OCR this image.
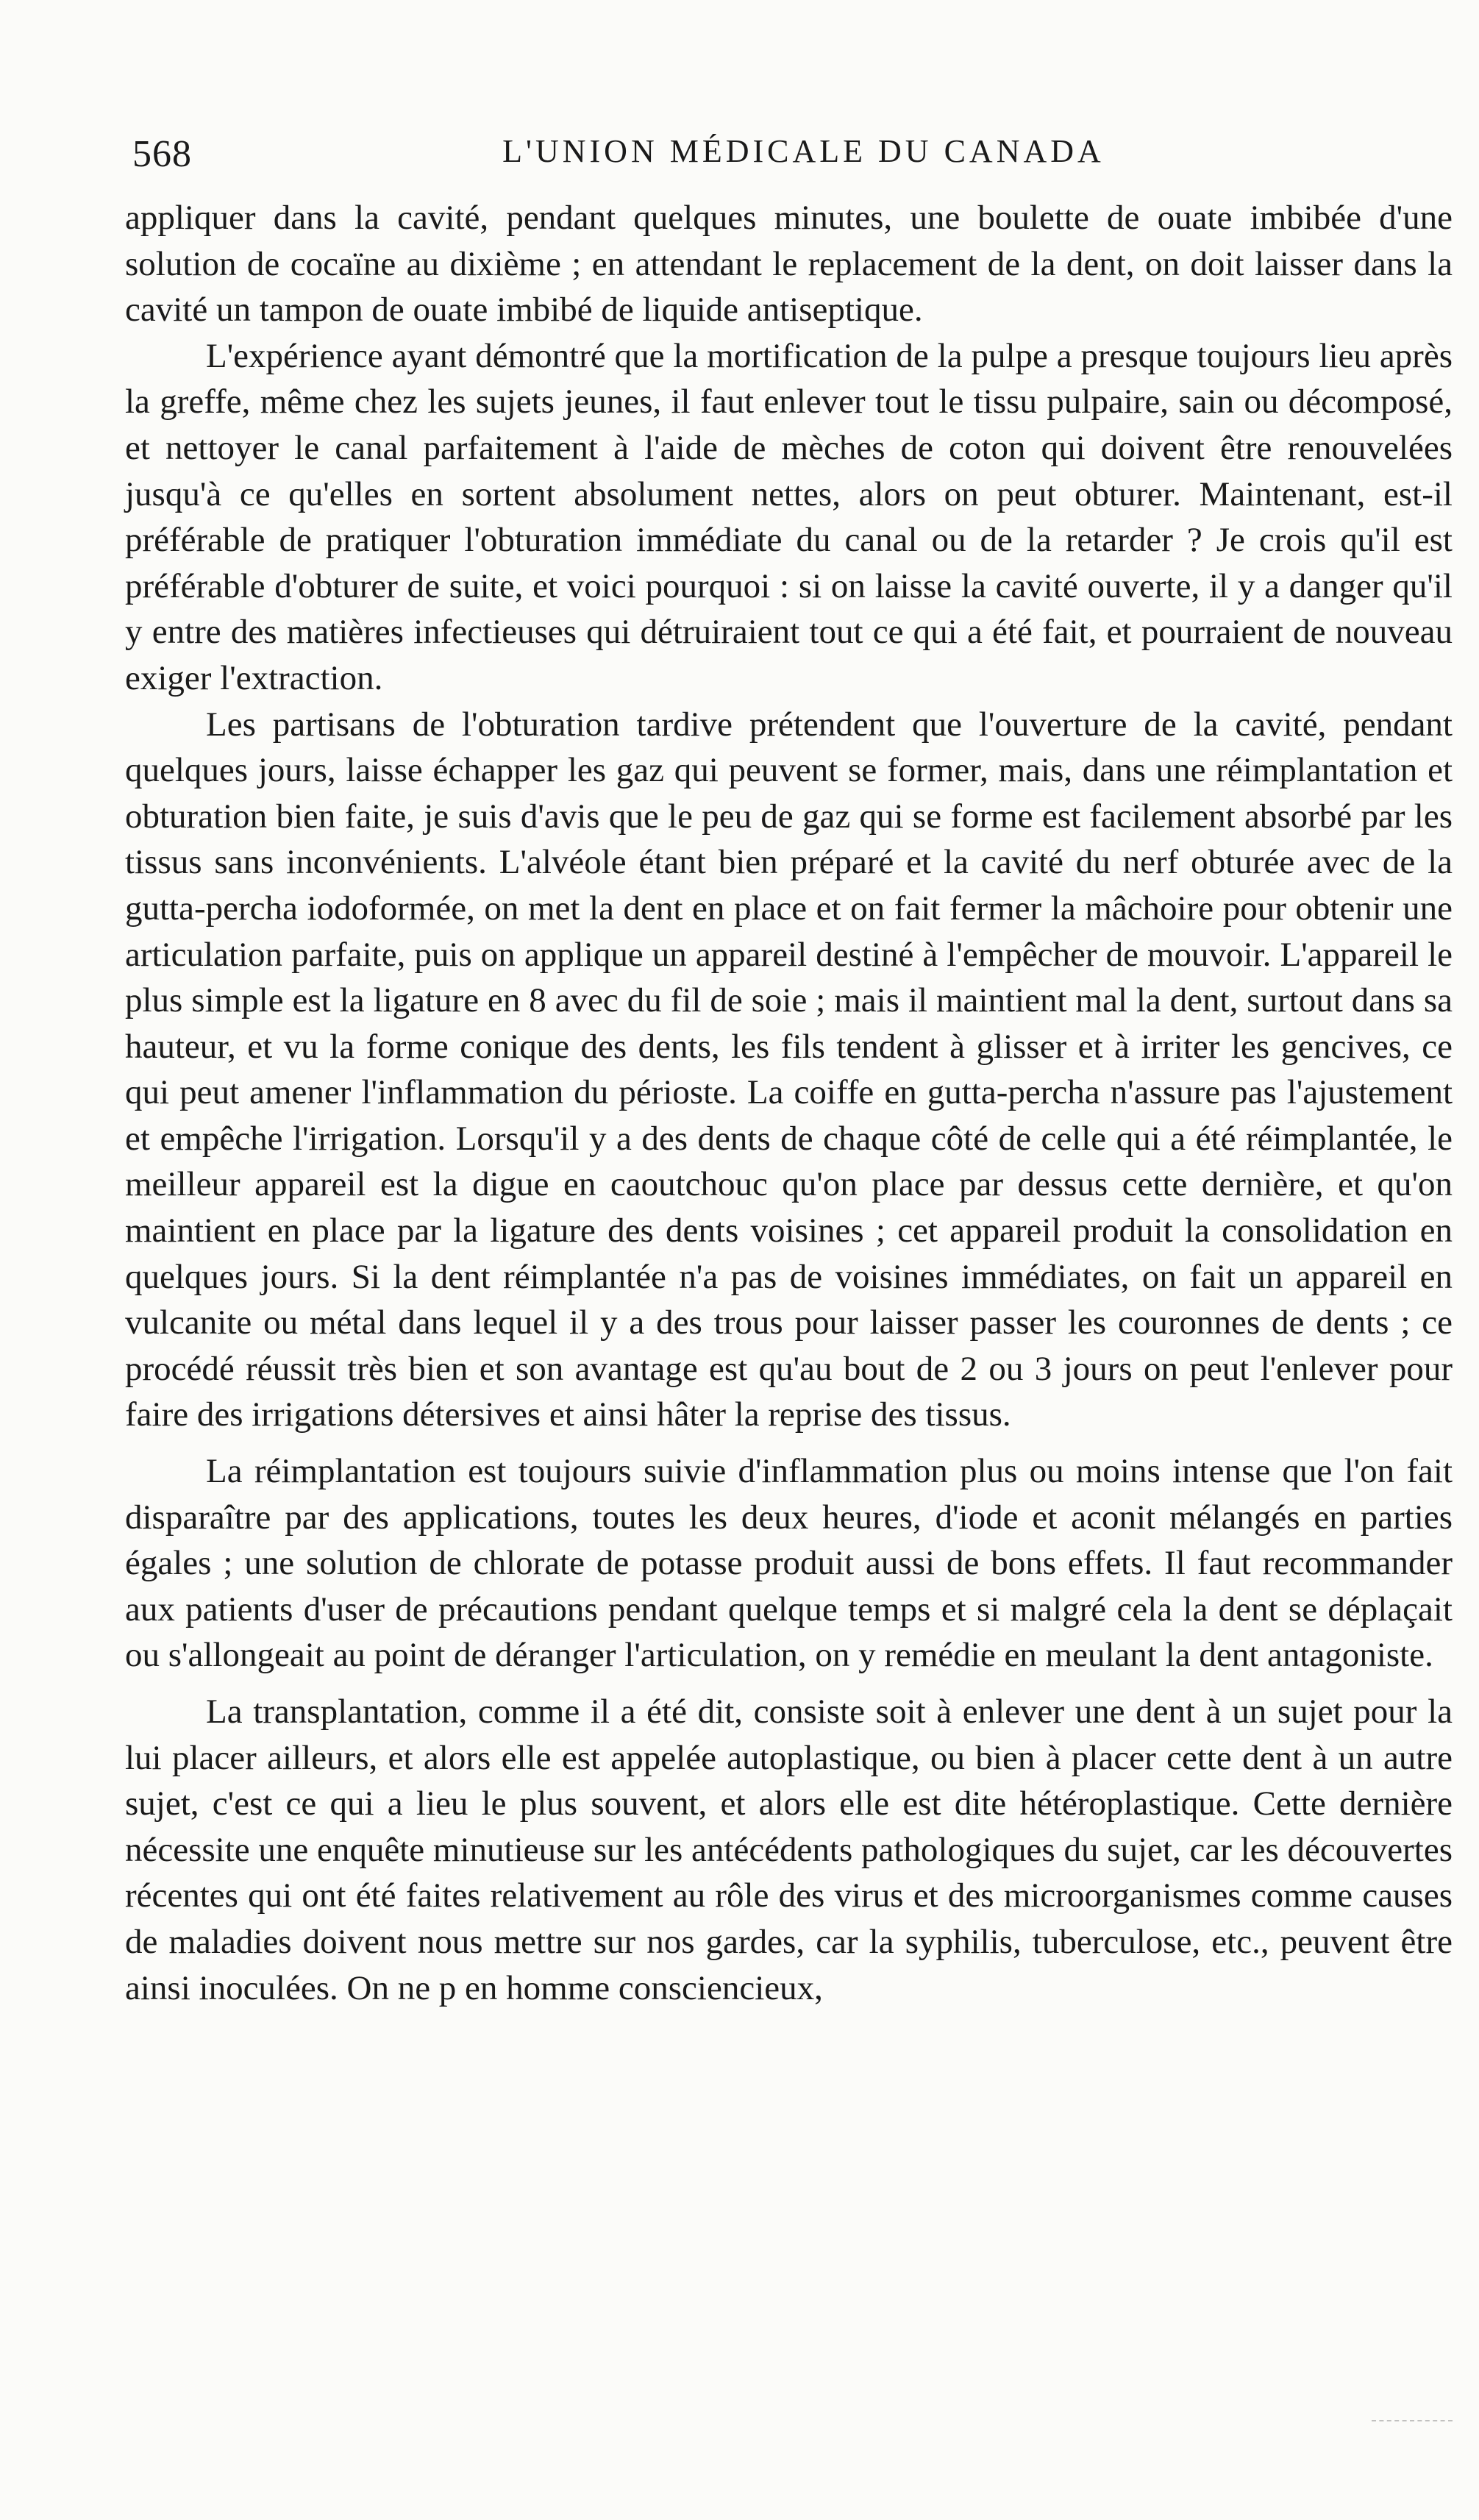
568	L'UNION MÉDICALE DU CANADA

appliquer dans la cavité, pendant quelques minutes, une boulette de ouate imbibée d'une solution de cocaïne au dixième ; en attendant le replacement de la dent, on doit laisser dans la cavité un tampon de ouate imbibé de liquide antiseptique.

L'expérience ayant démontré que la mortification de la pulpe a presque toujours lieu après la greffe, même chez les sujets jeunes, il faut enlever tout le tissu pulpaire, sain ou décomposé, et nettoyer le canal parfaitement à l'aide de mèches de coton qui doivent être renouvelées jusqu'à ce qu'elles en sortent absolument nettes, alors on peut obturer. Maintenant, est-il préférable de pratiquer l'obturation immédiate du canal ou de la retarder ? Je crois qu'il est préférable d'obturer de suite, et voici pourquoi : si on laisse la cavité ouverte, il y a danger qu'il y entre des matières infectieuses qui détruiraient tout ce qui a été fait, et pourraient de nouveau exiger l'extraction.

Les partisans de l'obturation tardive prétendent que l'ouverture de la cavité, pendant quelques jours, laisse échapper les gaz qui peuvent se former, mais, dans une réimplantation et obturation bien faite, je suis d'avis que le peu de gaz qui se forme est facilement absorbé par les tissus sans inconvénients. L'alvéole étant bien préparé et la cavité du nerf obturée avec de la gutta-percha iodoformée, on met la dent en place et on fait fermer la mâchoire pour obtenir une articulation parfaite, puis on applique un appareil destiné à l'empêcher de mouvoir. L'appareil le plus simple est la ligature en 8 avec du fil de soie ; mais il maintient mal la dent, surtout dans sa hauteur, et vu la forme conique des dents, les fils tendent à glisser et à irriter les gencives, ce qui peut amener l'inflammation du périoste. La coiffe en gutta-percha n'assure pas l'ajustement et empêche l'irrigation. Lorsqu'il y a des dents de chaque côté de celle qui a été réimplantée, le meilleur appareil est la digue en caoutchouc qu'on place par dessus cette dernière, et qu'on maintient en place par la ligature des dents voisines ; cet appareil produit la consolidation en quelques jours. Si la dent réimplantée n'a pas de voisines immédiates, on fait un appareil en vulcanite ou métal dans lequel il y a des trous pour laisser passer les couronnes de dents ; ce procédé réussit très bien et son avantage est qu'au bout de 2 ou 3 jours on peut l'enlever pour faire des irrigations détersives et ainsi hâter la reprise des tissus.

La réimplantation est toujours suivie d'inflammation plus ou moins intense que l'on fait disparaître par des applications, toutes les deux heures, d'iode et aconit mélangés en parties égales ; une solution de chlorate de potasse produit aussi de bons effets. Il faut recommander aux patients d'user de précautions pendant quelque temps et si malgré cela la dent se déplaçait ou s'allongeait au point de déranger l'articulation, on y remédie en meulant la dent antagoniste.

La transplantation, comme il a été dit, consiste soit à enlever une dent à un sujet pour la lui placer ailleurs, et alors elle est appelée autoplastique, ou bien à placer cette dent à un autre sujet, c'est ce qui a lieu le plus souvent, et alors elle est dite hétéroplastique. Cette dernière nécessite une enquête minutieuse sur les antécédents pathologiques du sujet, car les découvertes récentes qui ont été faites relativement au rôle des virus et des microorganismes comme causes de maladies doivent nous mettre sur nos gardes, car la syphilis, tuberculose, etc., peuvent être ainsi inoculées. On ne p en homme consciencieux,
